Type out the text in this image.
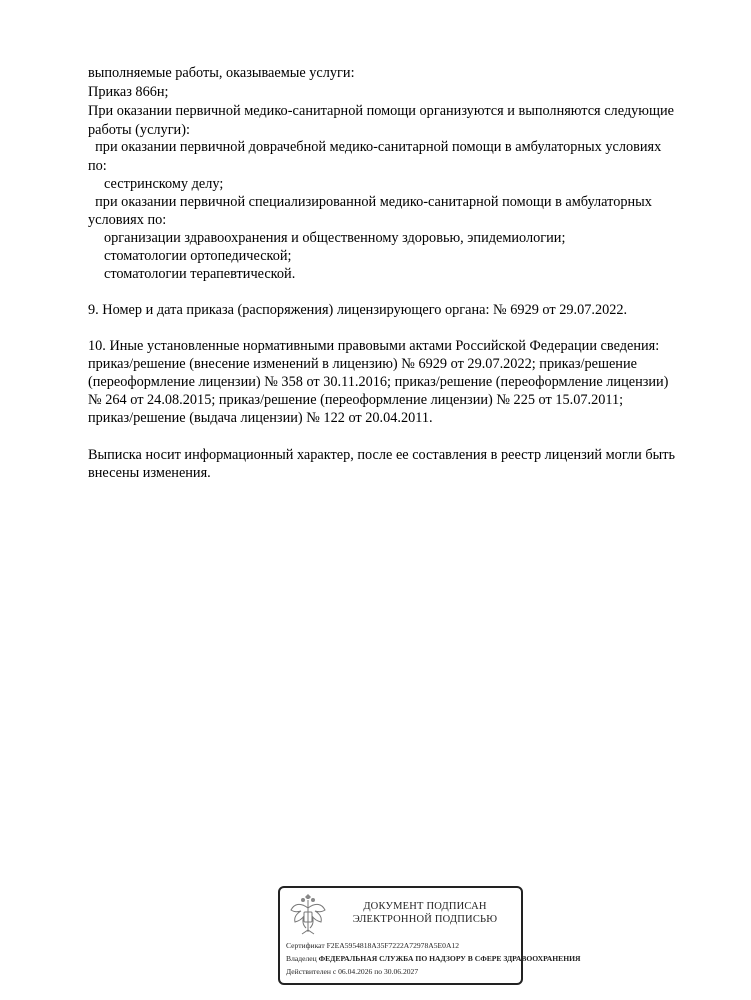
выполняемые работы, оказываемые услуги:
Приказ 866н;
При оказании первичной медико-санитарной помощи организуются и выполняются следующие
работы (услуги):
при оказании первичной доврачебной медико-санитарной помощи в амбулаторных условиях
по:
сестринскому делу;
при оказании первичной специализированной медико-санитарной помощи в амбулаторных
условиях по:
организации здравоохранения и общественному здоровью, эпидемиологии;
стоматологии ортопедической;
стоматологии терапевтической.
9. Номер и дата приказа (распоряжения) лицензирующего органа: № 6929 от 29.07.2022.
10. Иные установленные нормативными правовыми актами Российской Федерации сведения:
приказ/решение (внесение изменений в лицензию) № 6929 от 29.07.2022; приказ/решение
(переоформление лицензии) № 358 от 30.11.2016; приказ/решение (переоформление лицензии)
№ 264 от 24.08.2015; приказ/решение (переоформление лицензии) № 225 от 15.07.2011;
приказ/решение (выдача лицензии) № 122 от 20.04.2011.
Выписка носит информационный характер, после ее составления в реестр лицензий могли быть
внесены изменения.
ДОКУМЕНТ ПОДПИСАН
ЭЛЕКТРОННОЙ ПОДПИСЬЮ
Сертификат F2EA5954818A35F7222A72978A5E0A12
Владелец ФЕДЕРАЛЬНАЯ СЛУЖБА ПО НАДЗОРУ В СФЕРЕ ЗДРАВООХРАНЕНИЯ
Действителен с 06.04.2026 по 30.06.2027
